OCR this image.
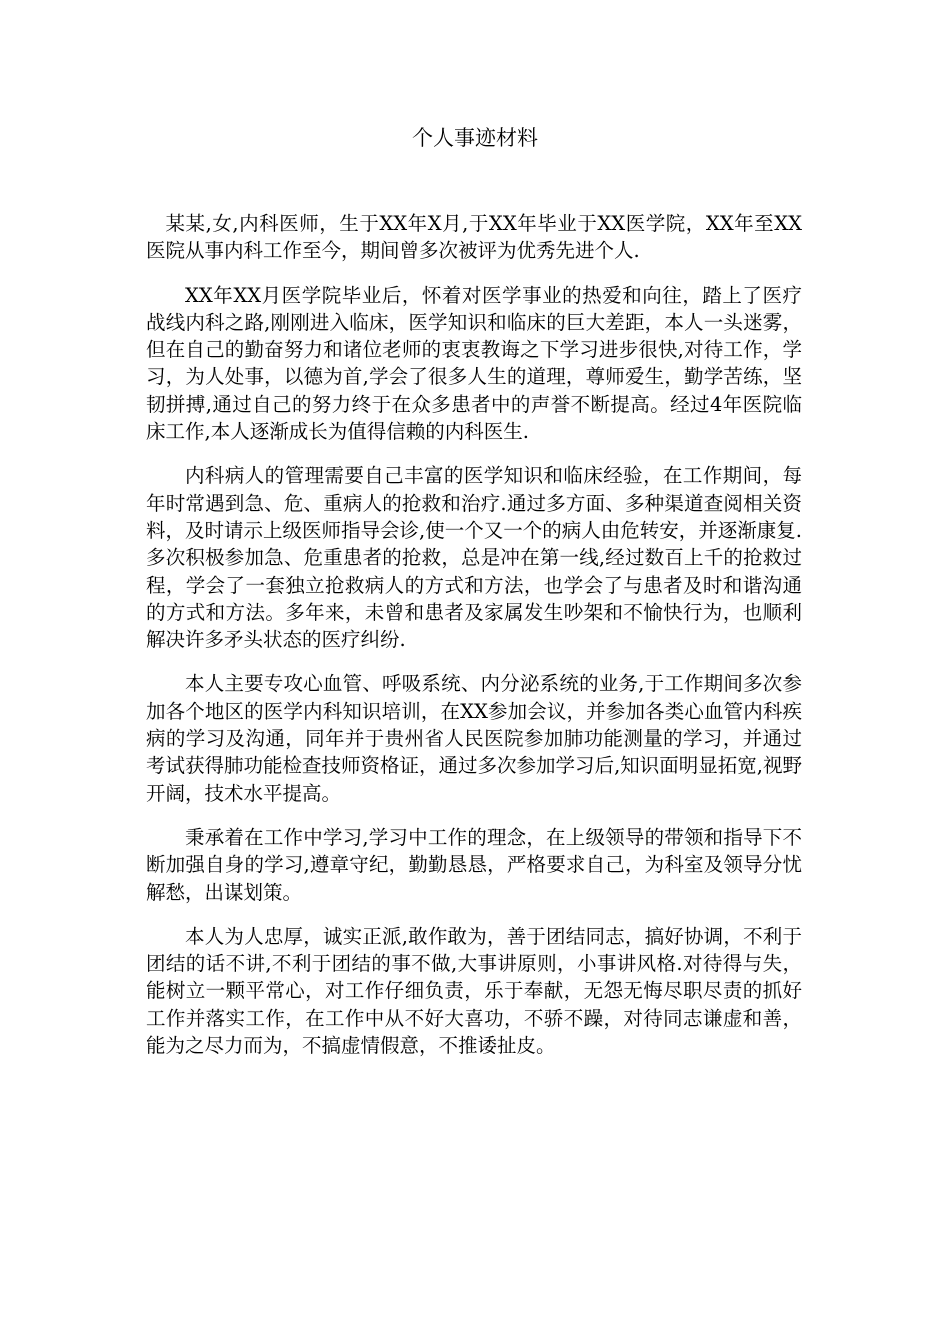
个人事迹材料

某某,女,内科医师，生于XX年X月,于XX年毕业于XX医学院，XX年至XX医院从事内科工作至今，期间曾多次被评为优秀先进个人.

XX年XX月医学院毕业后，怀着对医学事业的热爱和向往，踏上了医疗战线内科之路,刚刚进入临床，医学知识和临床的巨大差距，本人一头迷雾，但在自己的勤奋努力和诸位老师的衷衷教诲之下学习进步很快,对待工作，学习，为人处事，以德为首,学会了很多人生的道理，尊师爱生，勤学苦练，坚韧拼搏,通过自己的努力终于在众多患者中的声誉不断提高。经过4年医院临床工作,本人逐渐成长为值得信赖的内科医生.

内科病人的管理需要自己丰富的医学知识和临床经验，在工作期间，每年时常遇到急、危、重病人的抢救和治疗.通过多方面、多种渠道查阅相关资料，及时请示上级医师指导会诊,使一个又一个的病人由危转安，并逐渐康复.多次积极参加急、危重患者的抢救，总是冲在第一线,经过数百上千的抢救过程，学会了一套独立抢救病人的方式和方法，也学会了与患者及时和谐沟通的方式和方法。多年来，未曾和患者及家属发生吵架和不愉快行为，也顺利解决许多矛头状态的医疗纠纷.

本人主要专攻心血管、呼吸系统、内分泌系统的业务,于工作期间多次参加各个地区的医学内科知识培训，在XX参加会议，并参加各类心血管内科疾病的学习及沟通，同年并于贵州省人民医院参加肺功能测量的学习，并通过考试获得肺功能检查技师资格证，通过多次参加学习后,知识面明显拓宽,视野开阔，技术水平提高。

秉承着在工作中学习,学习中工作的理念，在上级领导的带领和指导下不断加强自身的学习,遵章守纪，勤勤恳恳，严格要求自己，为科室及领导分忧解愁，出谋划策。

本人为人忠厚，诚实正派,敢作敢为，善于团结同志，搞好协调，不利于团结的话不讲,不利于团结的事不做,大事讲原则，小事讲风格.对待得与失，能树立一颗平常心，对工作仔细负责，乐于奉献，无怨无悔尽职尽责的抓好工作并落实工作，在工作中从不好大喜功，不骄不躁，对待同志谦虚和善，能为之尽力而为，不搞虚情假意，不推诿扯皮。
